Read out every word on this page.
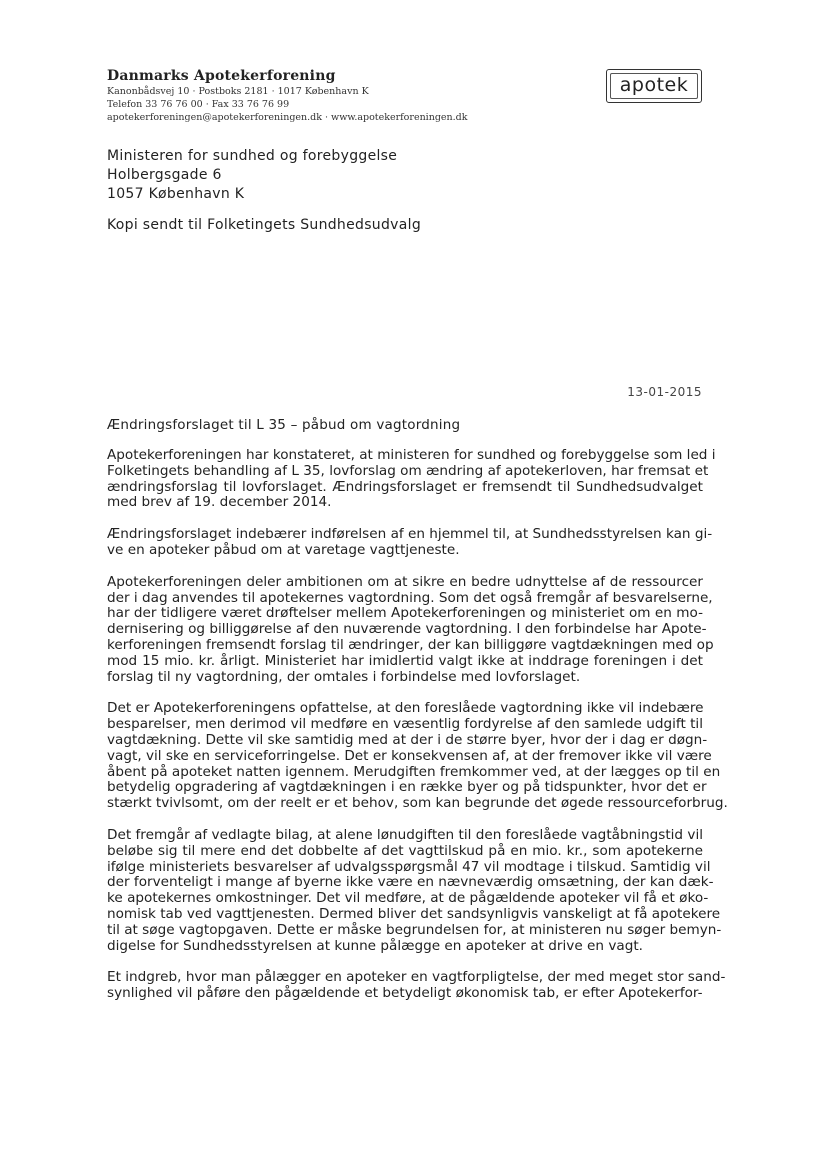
Danmarks Apotekerforening
Kanonbådsvej 10 · Postboks 2181 · 1017 København K
Telefon 33 76 76 00 · Fax 33 76 76 99
apotekerforeningen@apotekerforeningen.dk · www.apotekerforeningen.dk
apotek
Ministeren for sundhed og forebyggelse
Holbergsgade 6
1057 København K
Kopi sendt til Folketingets Sundhedsudvalg
13-01-2015
Ændringsforslaget til L 35 – påbud om vagtordning
Apotekerforeningen har konstateret, at ministeren for sundhed og forebyggelse som led i
Folketingets behandling af L 35, lovforslag om ændring af apotekerloven, har fremsat et
ændringsforslag til lovforslaget. Ændringsforslaget er fremsendt til Sundhedsudvalget
med brev af 19. december 2014.
Ændringsforslaget indebærer indførelsen af en hjemmel til, at Sundhedsstyrelsen kan gi-
ve en apoteker påbud om at varetage vagttjeneste.
Apotekerforeningen deler ambitionen om at sikre en bedre udnyttelse af de ressourcer
der i dag anvendes til apotekernes vagtordning. Som det også fremgår af besvarelserne,
har der tidligere været drøftelser mellem Apotekerforeningen og ministeriet om en mo-
dernisering og billiggørelse af den nuværende vagtordning. I den forbindelse har Apote-
kerforeningen fremsendt forslag til ændringer, der kan billiggøre vagtdækningen med op
mod 15 mio. kr. årligt. Ministeriet har imidlertid valgt ikke at inddrage foreningen i det
forslag til ny vagtordning, der omtales i forbindelse med lovforslaget.
Det er Apotekerforeningens opfattelse, at den foreslåede vagtordning ikke vil indebære
besparelser, men derimod vil medføre en væsentlig fordyrelse af den samlede udgift til
vagtdækning. Dette vil ske samtidig med at der i de større byer, hvor der i dag er døgn-
vagt, vil ske en serviceforringelse. Det er konsekvensen af, at der fremover ikke vil være
åbent på apoteket natten igennem. Merudgiften fremkommer ved, at der lægges op til en
betydelig opgradering af vagtdækningen i en række byer og på tidspunkter, hvor det er
stærkt tvivlsomt, om der reelt er et behov, som kan begrunde det øgede ressourceforbrug.
Det fremgår af vedlagte bilag, at alene lønudgiften til den foreslåede vagtåbningstid vil
beløbe sig til mere end det dobbelte af det vagttilskud på en mio. kr., som apotekerne
ifølge ministeriets besvarelser af udvalgsspørgsmål 47 vil modtage i tilskud. Samtidig vil
der forventeligt i mange af byerne ikke være en nævneværdig omsætning, der kan dæk-
ke apotekernes omkostninger. Det vil medføre, at de pågældende apoteker vil få et øko-
nomisk tab ved vagttjenesten. Dermed bliver det sandsynligvis vanskeligt at få apotekere
til at søge vagtopgaven. Dette er måske begrundelsen for, at ministeren nu søger bemyn-
digelse for Sundhedsstyrelsen at kunne pålægge en apoteker at drive en vagt.
Et indgreb, hvor man pålægger en apoteker en vagtforpligtelse, der med meget stor sand-
synlighed vil påføre den pågældende et betydeligt økonomisk tab, er efter Apotekerfor-
